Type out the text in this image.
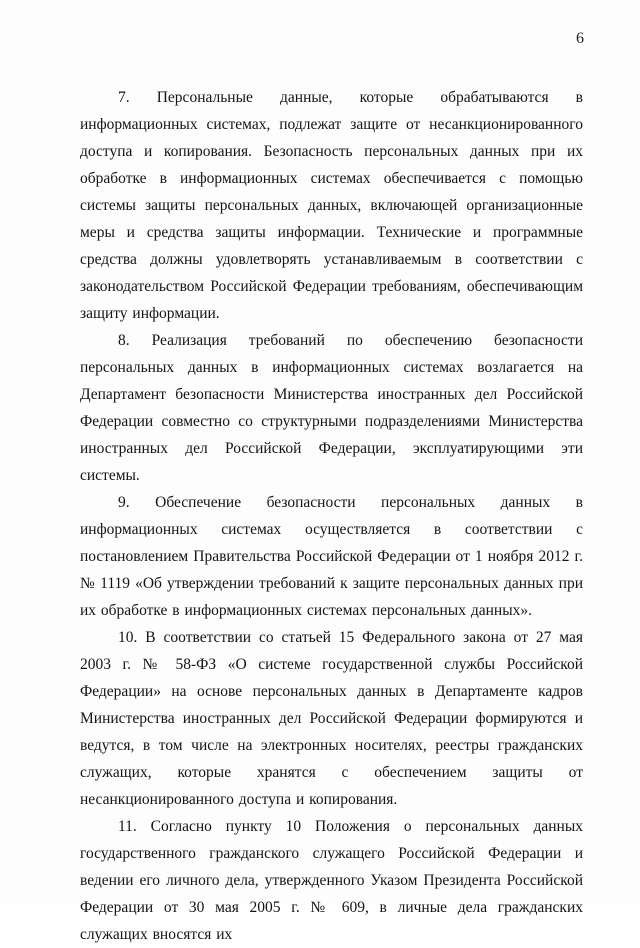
6

7. Персональные данные, которые обрабатываются в информационных системах, подлежат защите от несанкционированного доступа и копирования. Безопасность персональных данных при их обработке в информационных системах обеспечивается с помощью системы защиты персональных данных, включающей организационные меры и средства защиты информации. Технические и программные средства должны удовлетворять устанавливаемым в соответствии с законодательством Российской Федерации требованиям, обеспечивающим защиту информации.

8. Реализация требований по обеспечению безопасности персональных данных в информационных системах возлагается на Департамент безопасности Министерства иностранных дел Российской Федерации совместно со структурными подразделениями Министерства иностранных дел Российской Федерации, эксплуатирующими эти системы.

9. Обеспечение безопасности персональных данных в информационных системах осуществляется в соответствии с постановлением Правительства Российской Федерации от 1 ноября 2012 г. № 1119 «Об утверждении требований к защите персональных данных при их обработке в информационных системах персональных данных».

10. В соответствии со статьей 15 Федерального закона от 27 мая 2003 г. № 58-ФЗ «О системе государственной службы Российской Федерации» на основе персональных данных в Департаменте кадров Министерства иностранных дел Российской Федерации формируются и ведутся, в том числе на электронных носителях, реестры гражданских служащих, которые хранятся с обеспечением защиты от несанкционированного доступа и копирования.

11. Согласно пункту 10 Положения о персональных данных государственного гражданского служащего Российской Федерации и ведении его личного дела, утвержденного Указом Президента Российской Федерации от 30 мая 2005 г. № 609, в личные дела гражданских служащих вносятся их
